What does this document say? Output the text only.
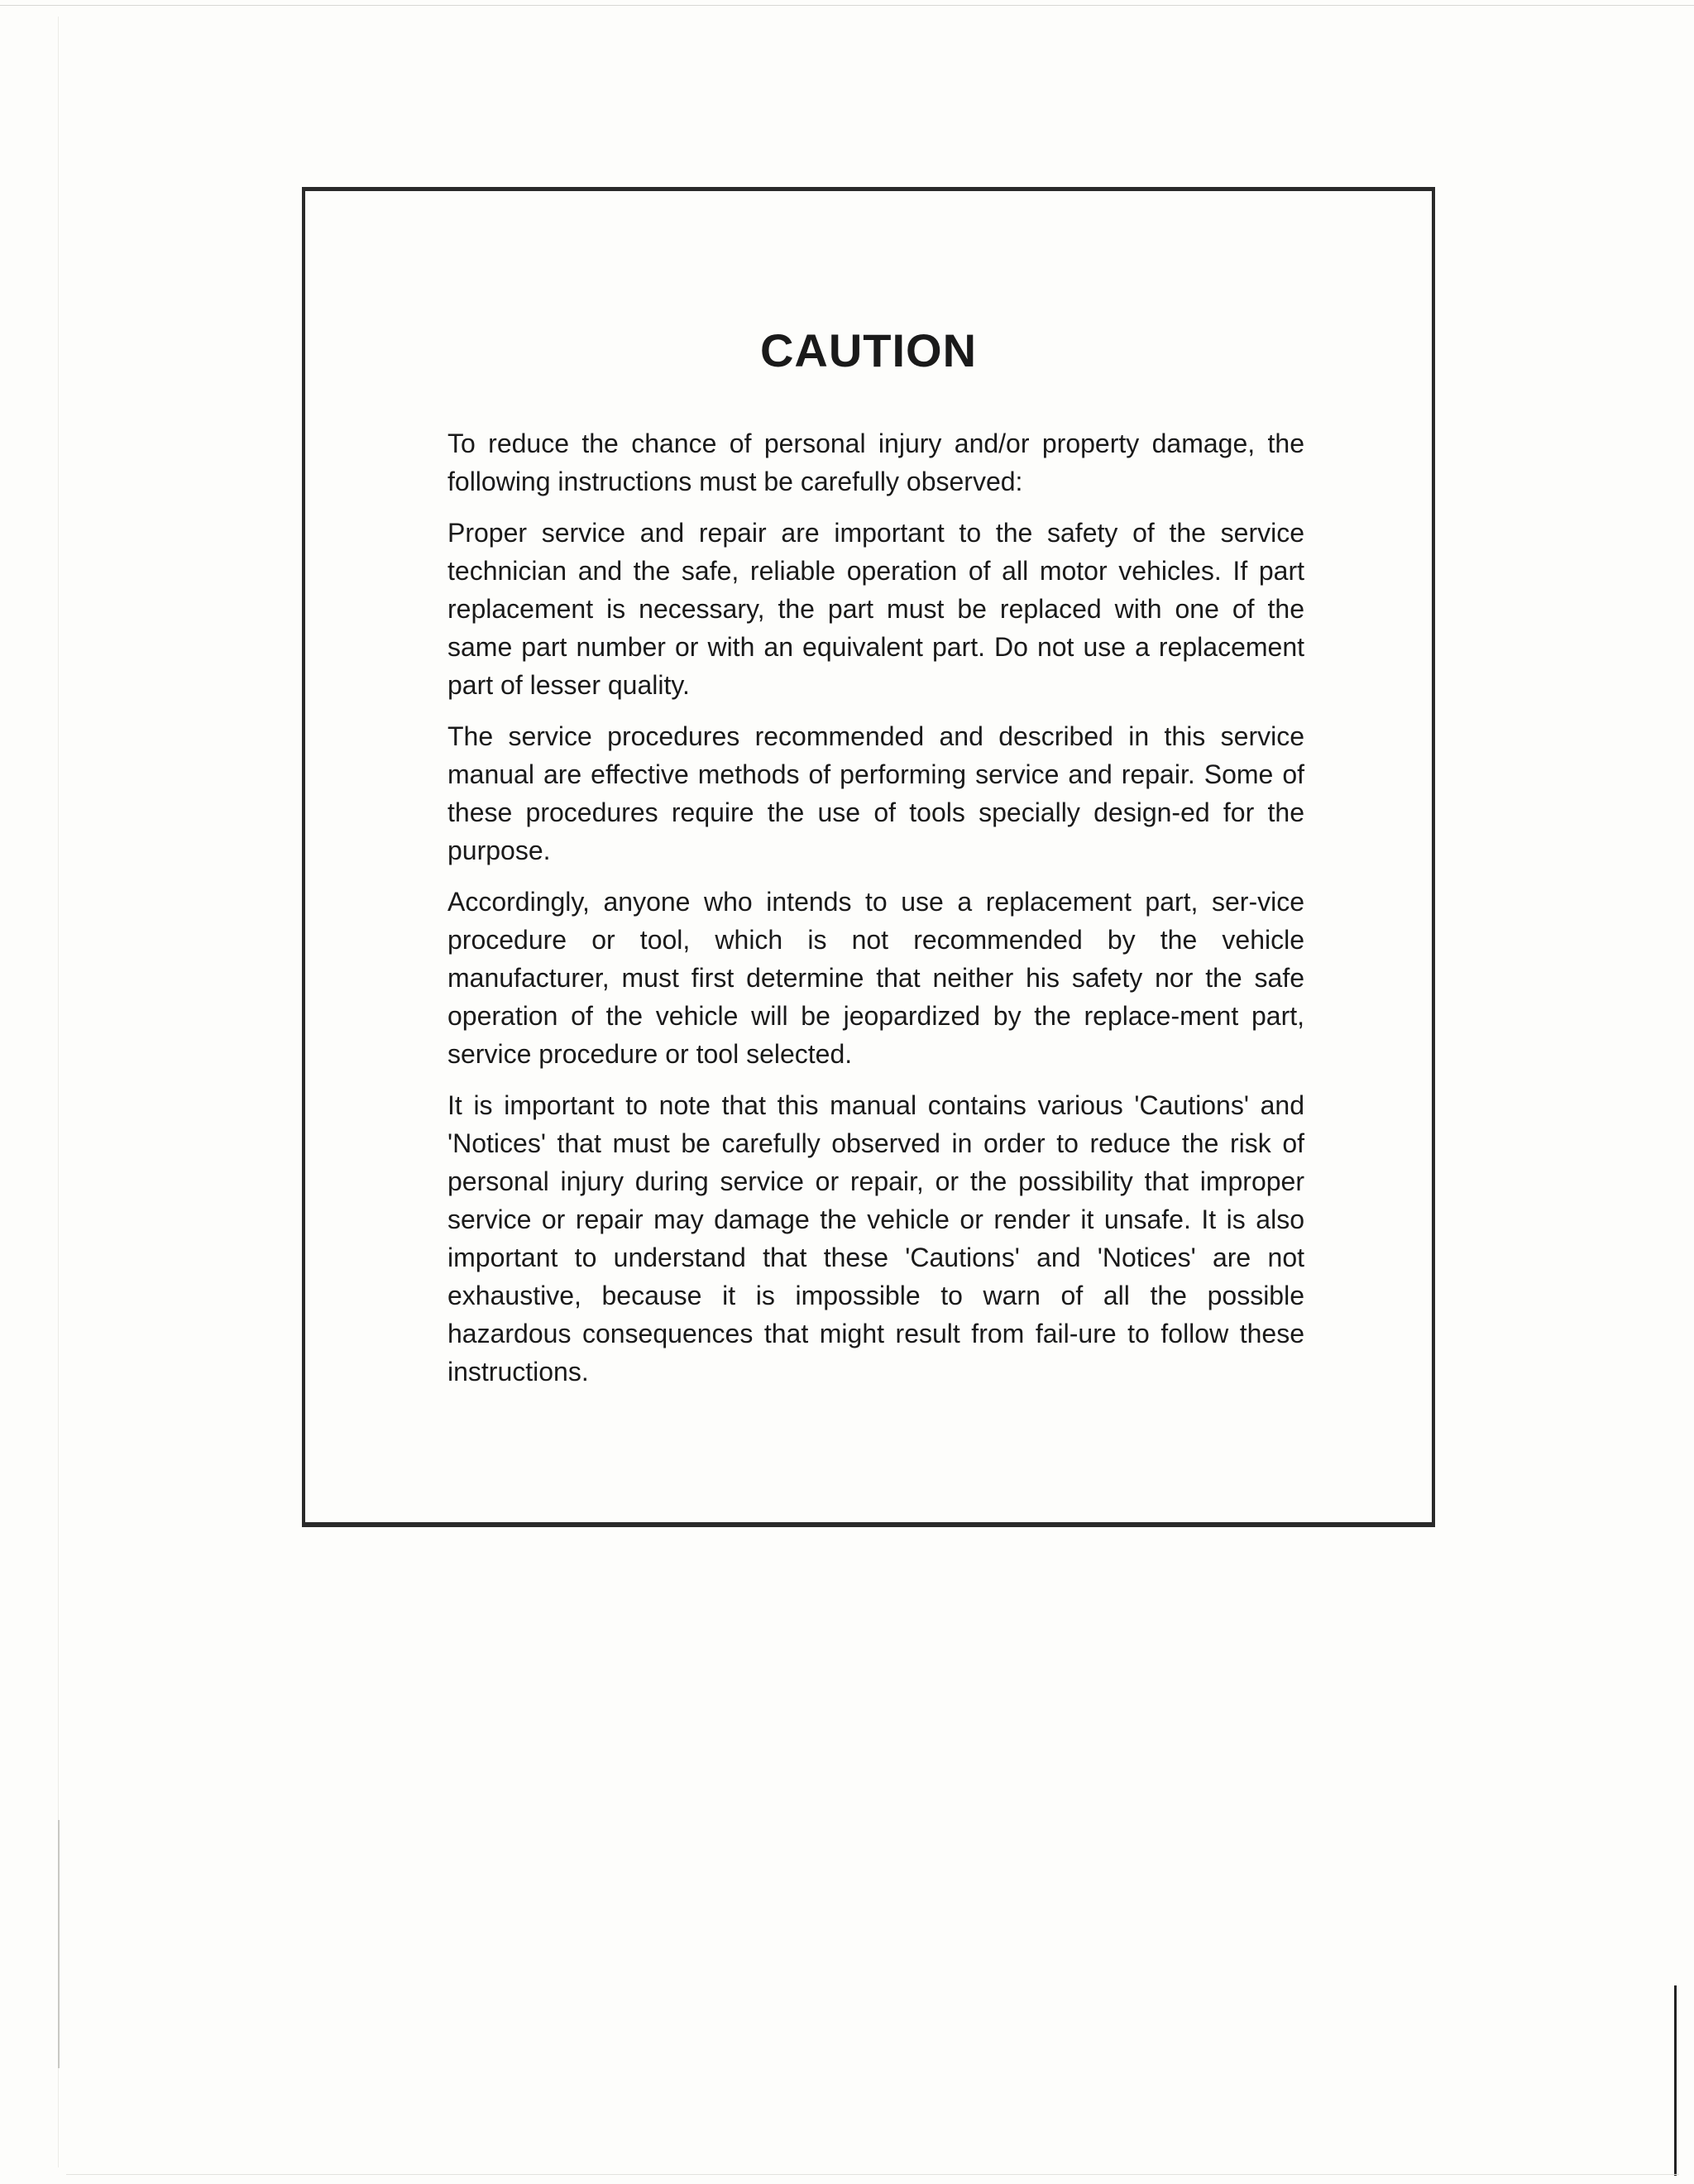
CAUTION

To reduce the chance of personal injury and/or property damage, the following instructions must be carefully observed:

Proper service and repair are important to the safety of the service technician and the safe, reliable operation of all motor vehicles. If part replacement is necessary, the part must be replaced with one of the same part number or with an equivalent part. Do not use a replacement part of lesser quality.

The service procedures recommended and described in this service manual are effective methods of performing service and repair. Some of these procedures require the use of tools specially design-ed for the purpose.

Accordingly, anyone who intends to use a replacement part, ser-vice procedure or tool, which is not recommended by the vehicle manufacturer, must first determine that neither his safety nor the safe operation of the vehicle will be jeopardized by the replace-ment part, service procedure or tool selected.

It is important to note that this manual contains various 'Cautions' and 'Notices' that must be carefully observed in order to reduce the risk of personal injury during service or repair, or the possibility that improper service or repair may damage the vehicle or render it unsafe. It is also important to understand that these 'Cautions' and 'Notices' are not exhaustive, because it is impossible to warn of all the possible hazardous consequences that might result from fail-ure to follow these instructions.
